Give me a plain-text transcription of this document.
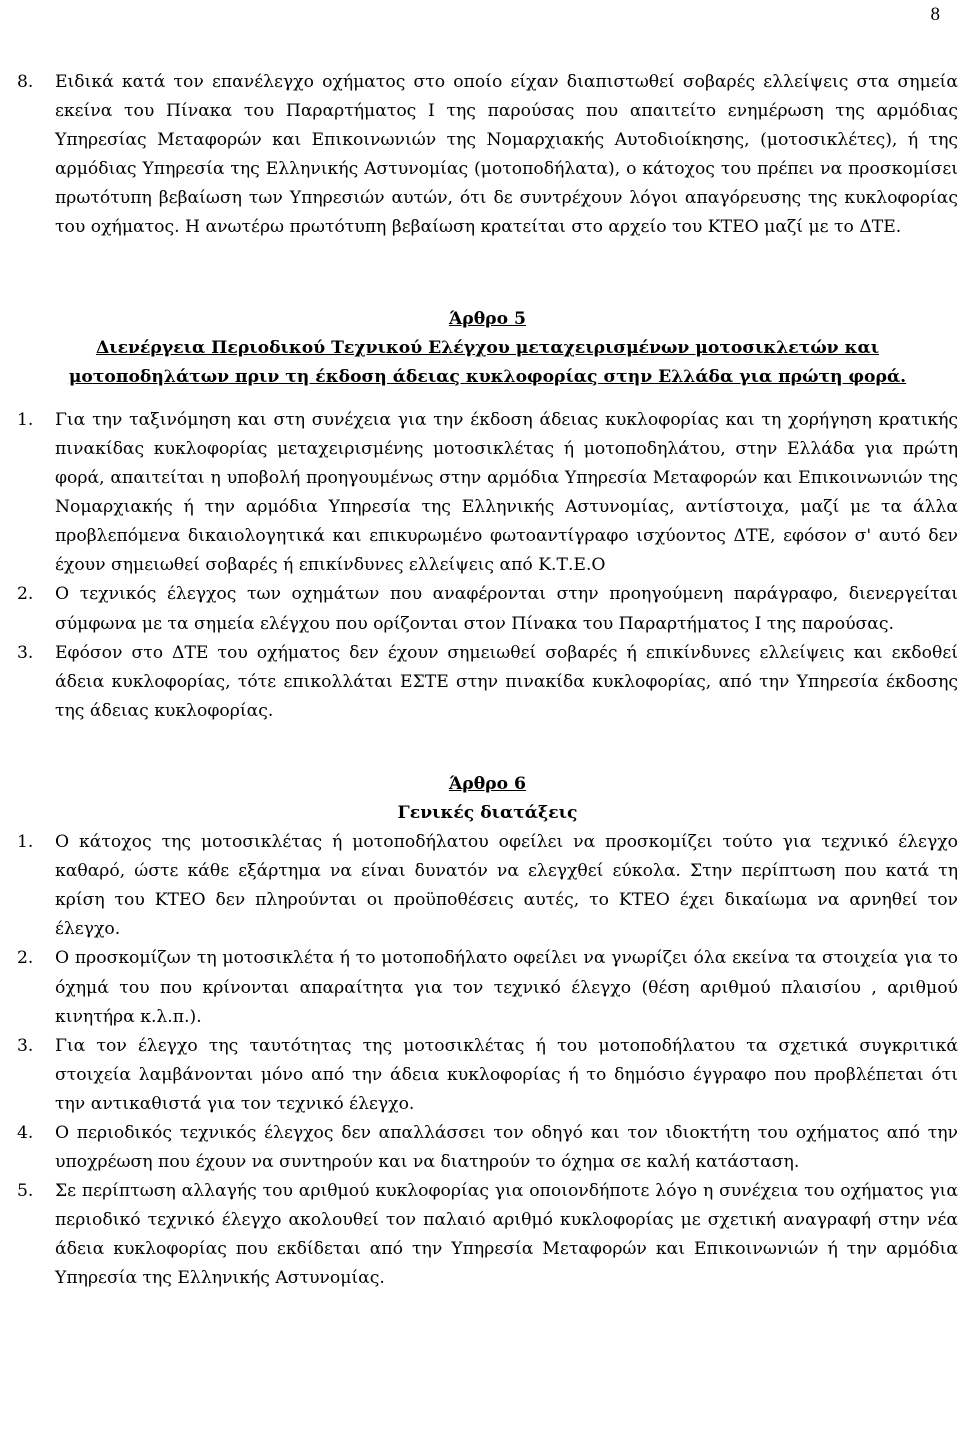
8

8. Ειδικά κατά τον επανέλεγχο οχήματος στο οποίο είχαν διαπιστωθεί σοβαρές ελλείψεις στα σημεία εκείνα του Πίνακα του Παραρτήματος I της παρούσας που απαιτείτο ενημέρωση της αρμόδιας Υπηρεσίας Μεταφορών και Επικοινωνιών της Νομαρχιακής Αυτοδιοίκησης, (μοτοσικλέτες), ή της αρμόδιας Υπηρεσία της Ελληνικής Αστυνομίας (μοτοποδήλατα), ο κάτοχος του πρέπει να προσκομίσει πρωτότυπη βεβαίωση των Υπηρεσιών αυτών, ότι δε συντρέχουν λόγοι απαγόρευσης της κυκλοφορίας του οχήματος. Η ανωτέρω πρωτότυπη βεβαίωση κρατείται στο αρχείο του ΚΤΕΟ μαζί με το ΔΤΕ.

Άρθρο 5
Διενέργεια Περιοδικού Τεχνικού Ελέγχου μεταχειρισμένων μοτοσικλετών και μοτοποδηλάτων πριν τη έκδοση άδειας κυκλοφορίας στην Ελλάδα για πρώτη φορά.

1. Για την ταξινόμηση και στη συνέχεια για την έκδοση άδειας κυκλοφορίας και τη χορήγηση κρατικής πινακίδας κυκλοφορίας μεταχειρισμένης μοτοσικλέτας ή μοτοποδηλάτου, στην Ελλάδα για πρώτη φορά, απαιτείται η υποβολή προηγουμένως στην αρμόδια Υπηρεσία Μεταφορών και Επικοινωνιών της Νομαρχιακής ή την αρμόδια Υπηρεσία της Ελληνικής Αστυνομίας, αντίστοιχα, μαζί με τα άλλα προβλεπόμενα δικαιολογητικά και επικυρωμένο φωτοαντίγραφο ισχύοντος ΔΤΕ, εφόσον σ' αυτό δεν έχουν σημειωθεί σοβαρές ή επικίνδυνες ελλείψεις από Κ.Τ.Ε.Ο

2. Ο τεχνικός έλεγχος των οχημάτων που αναφέρονται στην προηγούμενη παράγραφο, διενεργείται σύμφωνα με τα σημεία ελέγχου που ορίζονται στον Πίνακα του Παραρτήματος I της παρούσας.

3. Εφόσον στο ΔΤΕ του οχήματος δεν έχουν σημειωθεί σοβαρές ή επικίνδυνες ελλείψεις και εκδοθεί άδεια κυκλοφορίας, τότε επικολλάται ΕΣΤΕ στην πινακίδα κυκλοφορίας, από την Υπηρεσία έκδοσης της άδειας κυκλοφορίας.

Άρθρο 6
Γενικές διατάξεις

1. Ο κάτοχος της μοτοσικλέτας ή μοτοποδήλατου οφείλει να προσκομίζει τούτο για τεχνικό έλεγχο καθαρό, ώστε κάθε εξάρτημα να είναι δυνατόν να ελεγχθεί εύκολα. Στην περίπτωση που κατά τη κρίση του ΚΤΕΟ δεν πληρούνται οι προϋποθέσεις αυτές, το ΚΤΕΟ έχει δικαίωμα να αρνηθεί τον έλεγχο.

2. Ο προσκομίζων τη μοτοσικλέτα ή το μοτοποδήλατο οφείλει να γνωρίζει όλα εκείνα τα στοιχεία για το όχημά του που κρίνονται απαραίτητα για τον τεχνικό έλεγχο (θέση αριθμού πλαισίου , αριθμού κινητήρα κ.λ.π.).

3. Για τον έλεγχο της ταυτότητας της μοτοσικλέτας ή του μοτοποδήλατου τα σχετικά συγκριτικά στοιχεία λαμβάνονται μόνο από την άδεια κυκλοφορίας ή το δημόσιο έγγραφο που προβλέπεται ότι την αντικαθιστά για τον τεχνικό έλεγχο.

4. Ο περιοδικός τεχνικός έλεγχος δεν απαλλάσσει τον οδηγό και τον ιδιοκτήτη του οχήματος από την υποχρέωση που έχουν να συντηρούν και να διατηρούν το όχημα σε καλή κατάσταση.

5. Σε περίπτωση αλλαγής του αριθμού κυκλοφορίας για οποιονδήποτε λόγο η συνέχεια του οχήματος για περιοδικό τεχνικό έλεγχο ακολουθεί τον παλαιό αριθμό κυκλοφορίας με σχετική αναγραφή στην νέα άδεια κυκλοφορίας που εκδίδεται από την Υπηρεσία Μεταφορών και Επικοινωνιών ή την αρμόδια Υπηρεσία της Ελληνικής Αστυνομίας.
